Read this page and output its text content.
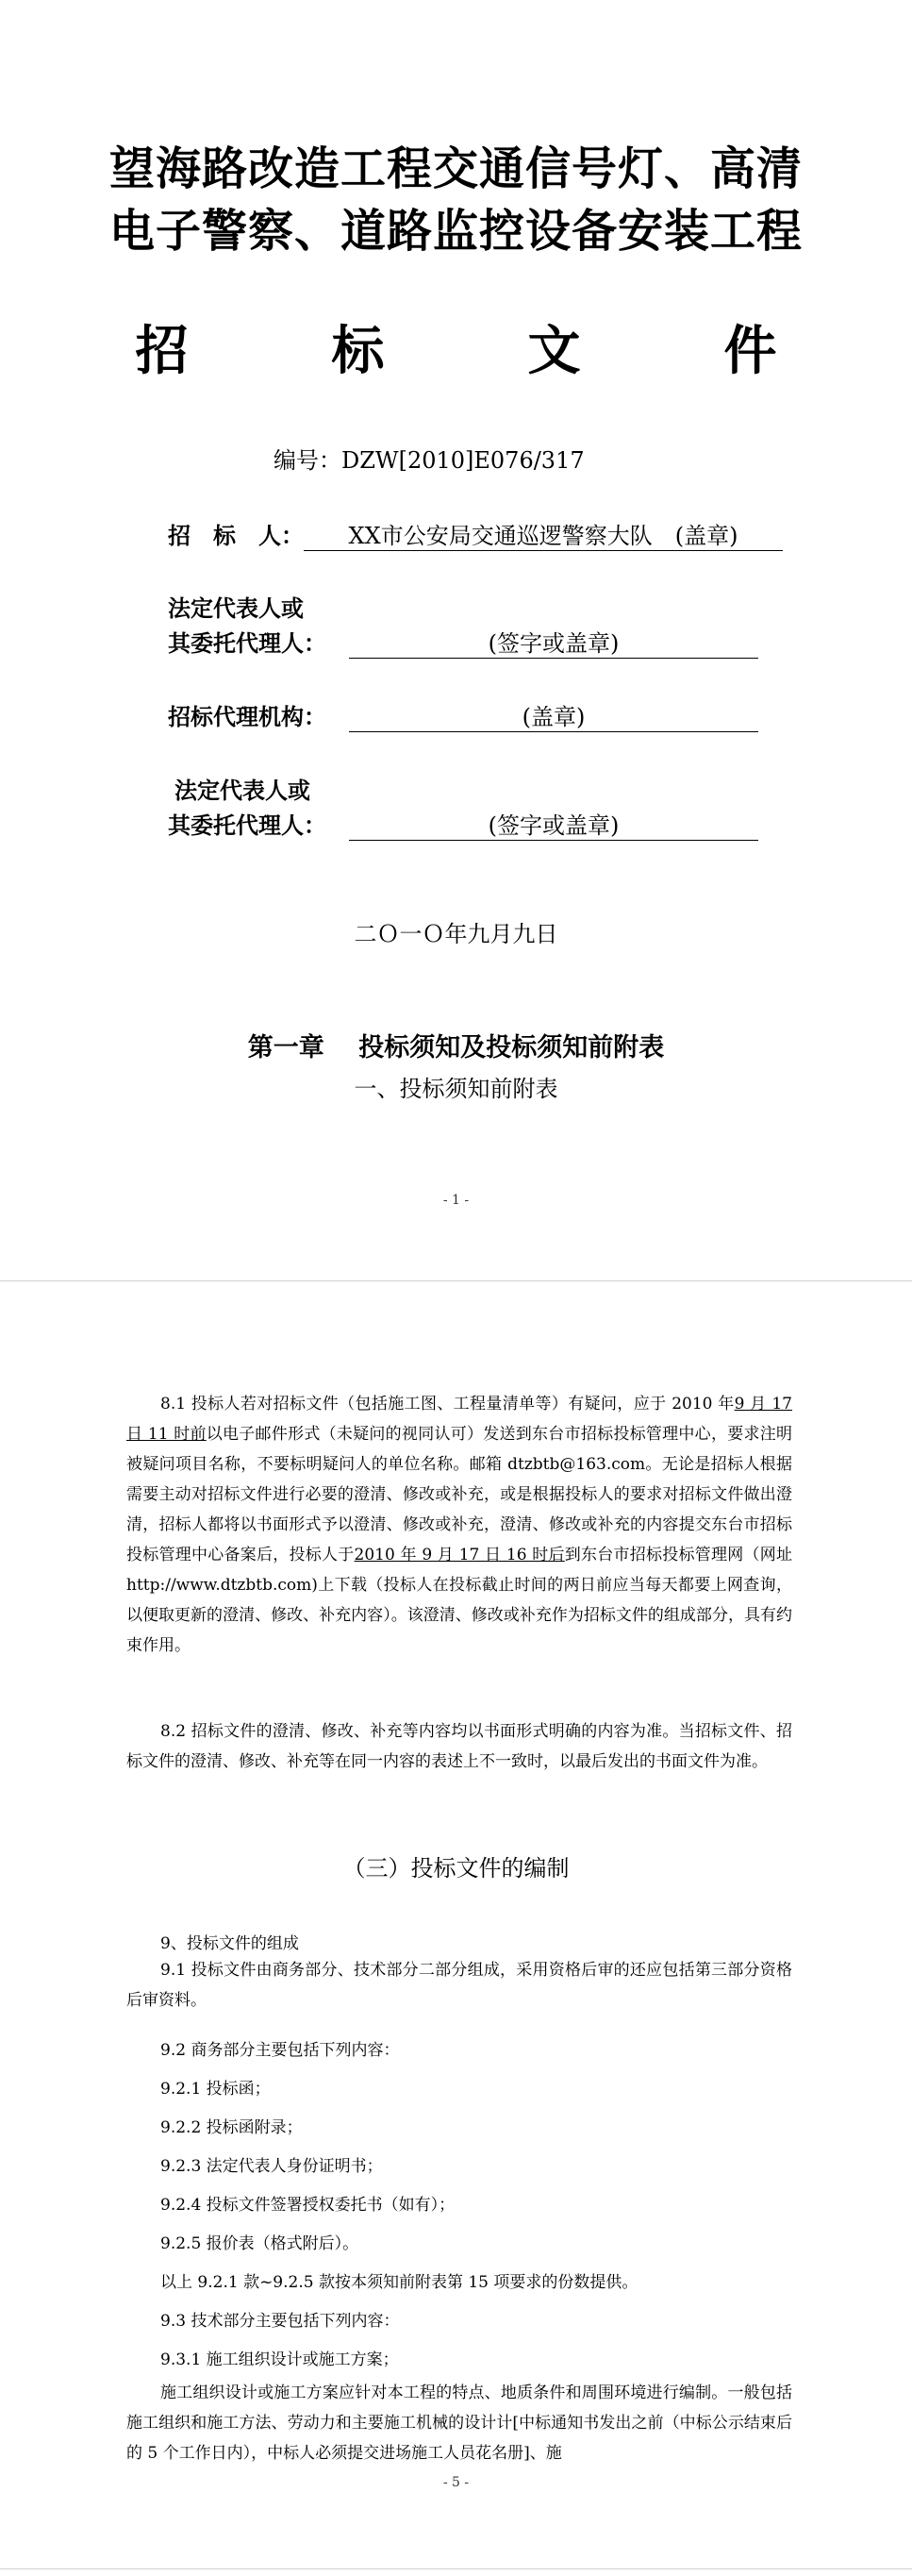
望海路改造工程交通信号灯、高清
电子警察、道路监控设备安装工程
招　标　文　件
编号：DZW[2010]E076/317
招　标　人：	XX市公安局交通巡逻警察大队　(盖章)
法定代表人或
其委托代理人：	(签字或盖章)
招标代理机构：	(盖章)
法定代表人或
其委托代理人：	(签字或盖章)
二Ｏ一Ｏ年九月九日
第一章　 投标须知及投标须知前附表
一、投标须知前附表
- 1 -
8.1 投标人若对招标文件（包括施工图、工程量清单等）有疑问，应于 2010 年9 月 17 日 11 时前以电子邮件形式（未疑问的视同认可）发送到东台市招标投标管理中心，要求注明被疑问项目名称，不要标明疑问人的单位名称。邮箱 dtzbtb@163.com。无论是招标人根据需要主动对招标文件进行必要的澄清、修改或补充，或是根据投标人的要求对招标文件做出澄清，招标人都将以书面形式予以澄清、修改或补充，澄清、修改或补充的内容提交东台市招标投标管理中心备案后，投标人于2010 年 9 月 17 日 16 时后到东台市招标投标管理网（网址 http://www.dtzbtb.com)上下载（投标人在投标截止时间的两日前应当每天都要上网查询，以便取更新的澄清、修改、补充内容）。该澄清、修改或补充作为招标文件的组成部分，具有约束作用。
8.2 招标文件的澄清、修改、补充等内容均以书面形式明确的内容为准。当招标文件、招标文件的澄清、修改、补充等在同一内容的表述上不一致时，以最后发出的书面文件为准。
（三）投标文件的编制
9、投标文件的组成
9.1 投标文件由商务部分、技术部分二部分组成，采用资格后审的还应包括第三部分资格后审资料。
9.2 商务部分主要包括下列内容：
9.2.1 投标函；
9.2.2 投标函附录；
9.2.3 法定代表人身份证明书；
9.2.4 投标文件签署授权委托书（如有）；
9.2.5 报价表（格式附后）。
以上 9.2.1 款~9.2.5 款按本须知前附表第 15 项要求的份数提供。
9.3 技术部分主要包括下列内容：
9.3.1 施工组织设计或施工方案；
施工组织设计或施工方案应针对本工程的特点、地质条件和周围环境进行编制。一般包括施工组织和施工方法、劳动力和主要施工机械的设计计[中标通知书发出之前（中标公示结束后的 5 个工作日内），中标人必须提交进场施工人员花名册]、施
- 5 -
